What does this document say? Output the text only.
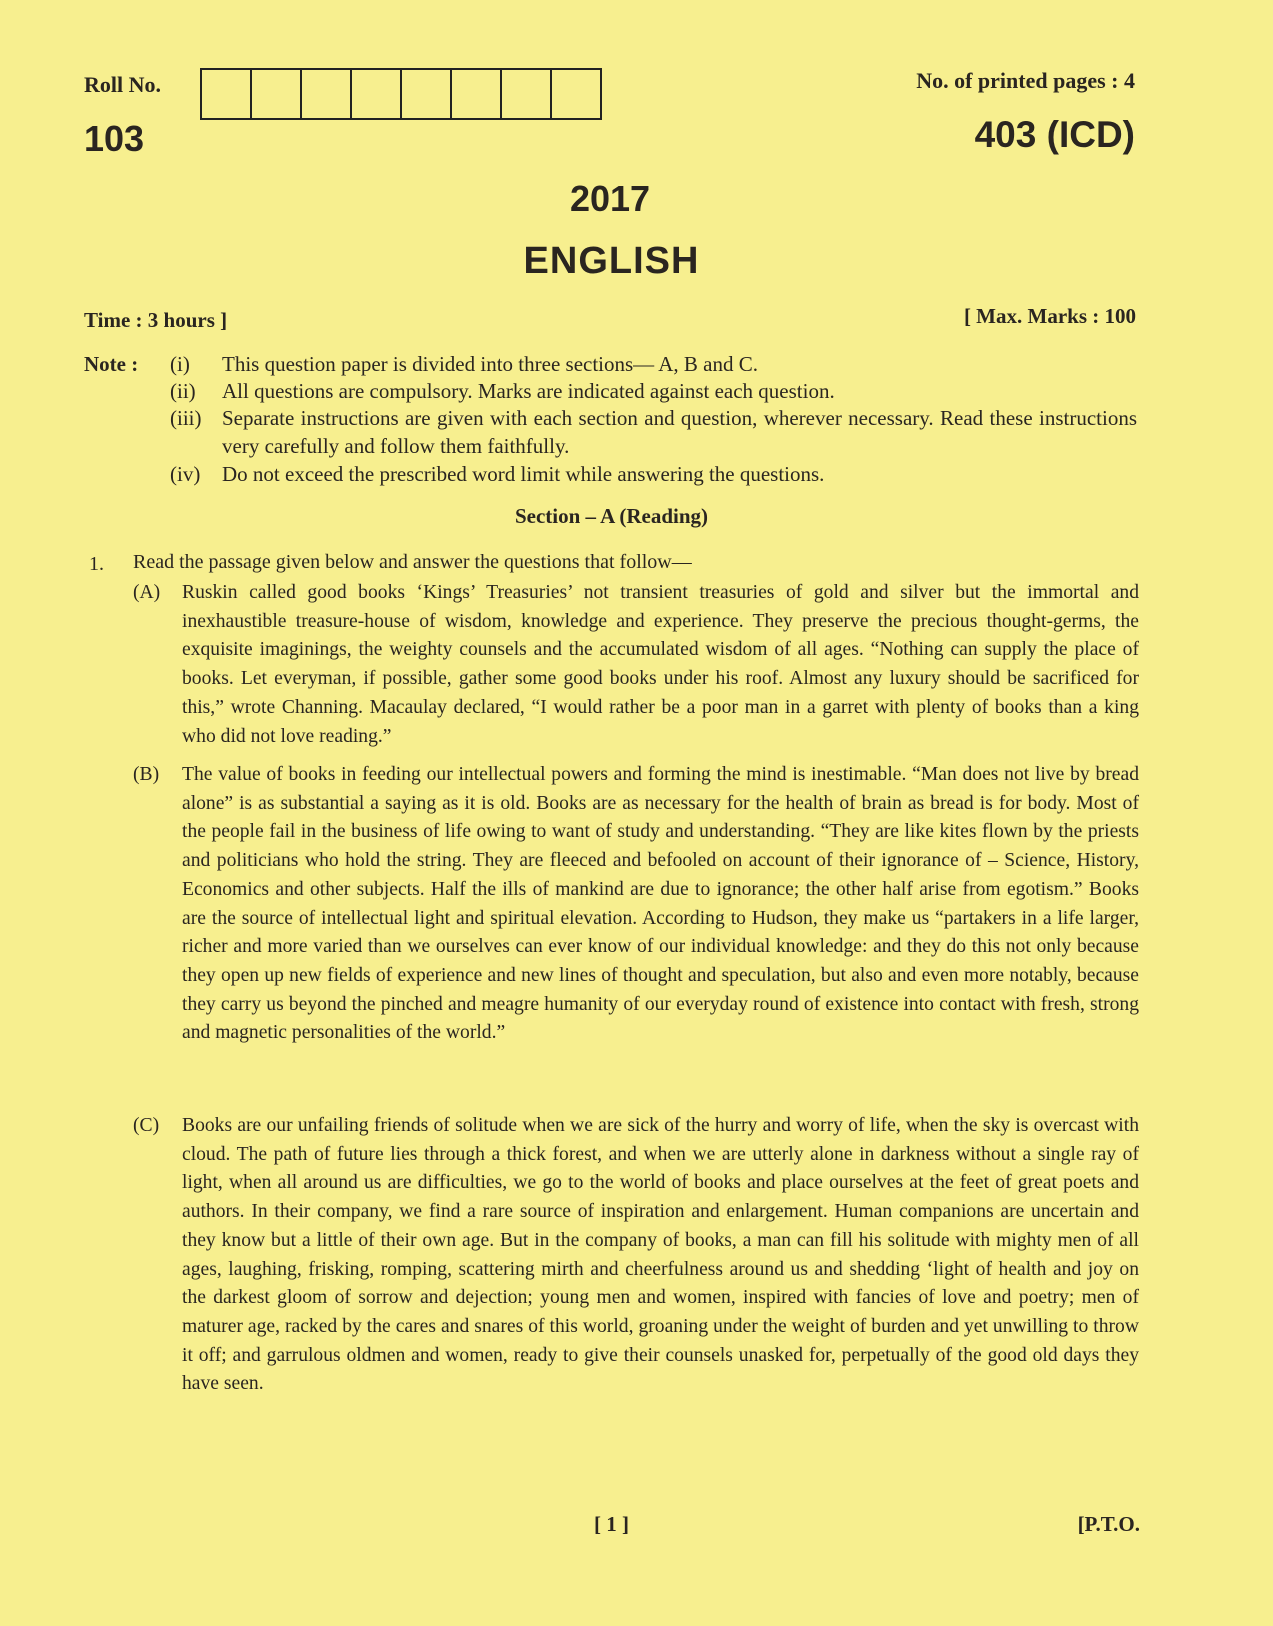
Roll No.
103
No. of printed pages : 4
403 (ICD)
2017
ENGLISH
Time : 3 hours ]	[ Max. Marks : 100
Note : (i)	This question paper is divided into three sections— A, B and C.
(ii)	All questions are compulsory. Marks are indicated against each question.
(iii) Separate instructions are given with each section and question, wherever necessary. Read these instructions very carefully and follow them faithfully.
(iv)	Do not exceed the prescribed word limit while answering the questions.
Section – A (Reading)
1. Read the passage given below and answer the questions that follow—
(A)	Ruskin called good books ‘Kings’ Treasuries’ not transient treasuries of gold and silver but the immortal and inexhaustible treasure-house of wisdom, knowledge and experience. They preserve the precious thought-germs, the exquisite imaginings, the weighty counsels and the accumulated wisdom of all ages. “Nothing can supply the place of books. Let everyman, if possible, gather some good books under his roof. Almost any luxury should be sacrificed for this,” wrote Channing. Macaulay declared, “I would rather be a poor man in a garret with plenty of books than a king who did not love reading.”
(B)	The value of books in feeding our intellectual powers and forming the mind is inestimable. “Man does not live by bread alone” is as substantial a saying as it is old. Books are as necessary for the health of brain as bread is for body. Most of the people fail in the business of life owing to want of study and understanding. “They are like kites flown by the priests and politicians who hold the string. They are fleeced and befooled on account of their ignorance of – Science, History, Economics and other subjects. Half the ills of mankind are due to ignorance; the other half arise from egotism.” Books are the source of intellectual light and spiritual elevation. According to Hudson, they make us “partakers in a life larger, richer and more varied than we ourselves can ever know of our individual knowledge: and they do this not only because they open up new fields of experience and new lines of thought and speculation, but also and even more notably, because they carry us beyond the pinched and meagre humanity of our everyday round of existence into contact with fresh, strong and magnetic personalities of the world.”
(C)	Books are our unfailing friends of solitude when we are sick of the hurry and worry of life, when the sky is overcast with cloud. The path of future lies through a thick forest, and when we are utterly alone in darkness without a single ray of light, when all around us are difficulties, we go to the world of books and place ourselves at the feet of great poets and authors. In their company, we find a rare source of inspiration and enlargement. Human companions are uncertain and they know but a little of their own age. But in the company of books, a man can fill his solitude with mighty men of all ages, laughing, frisking, romping, scattering mirth and cheerfulness around us and shedding ‘light of health and joy on the darkest gloom of sorrow and dejection; young men and women, inspired with fancies of love and poetry; men of maturer age, racked by the cares and snares of this world, groaning under the weight of burden and yet unwilling to throw it off; and garrulous oldmen and women, ready to give their counsels unasked for, perpetually of the good old days they have seen.
[ 1 ]	[P.T.O.
